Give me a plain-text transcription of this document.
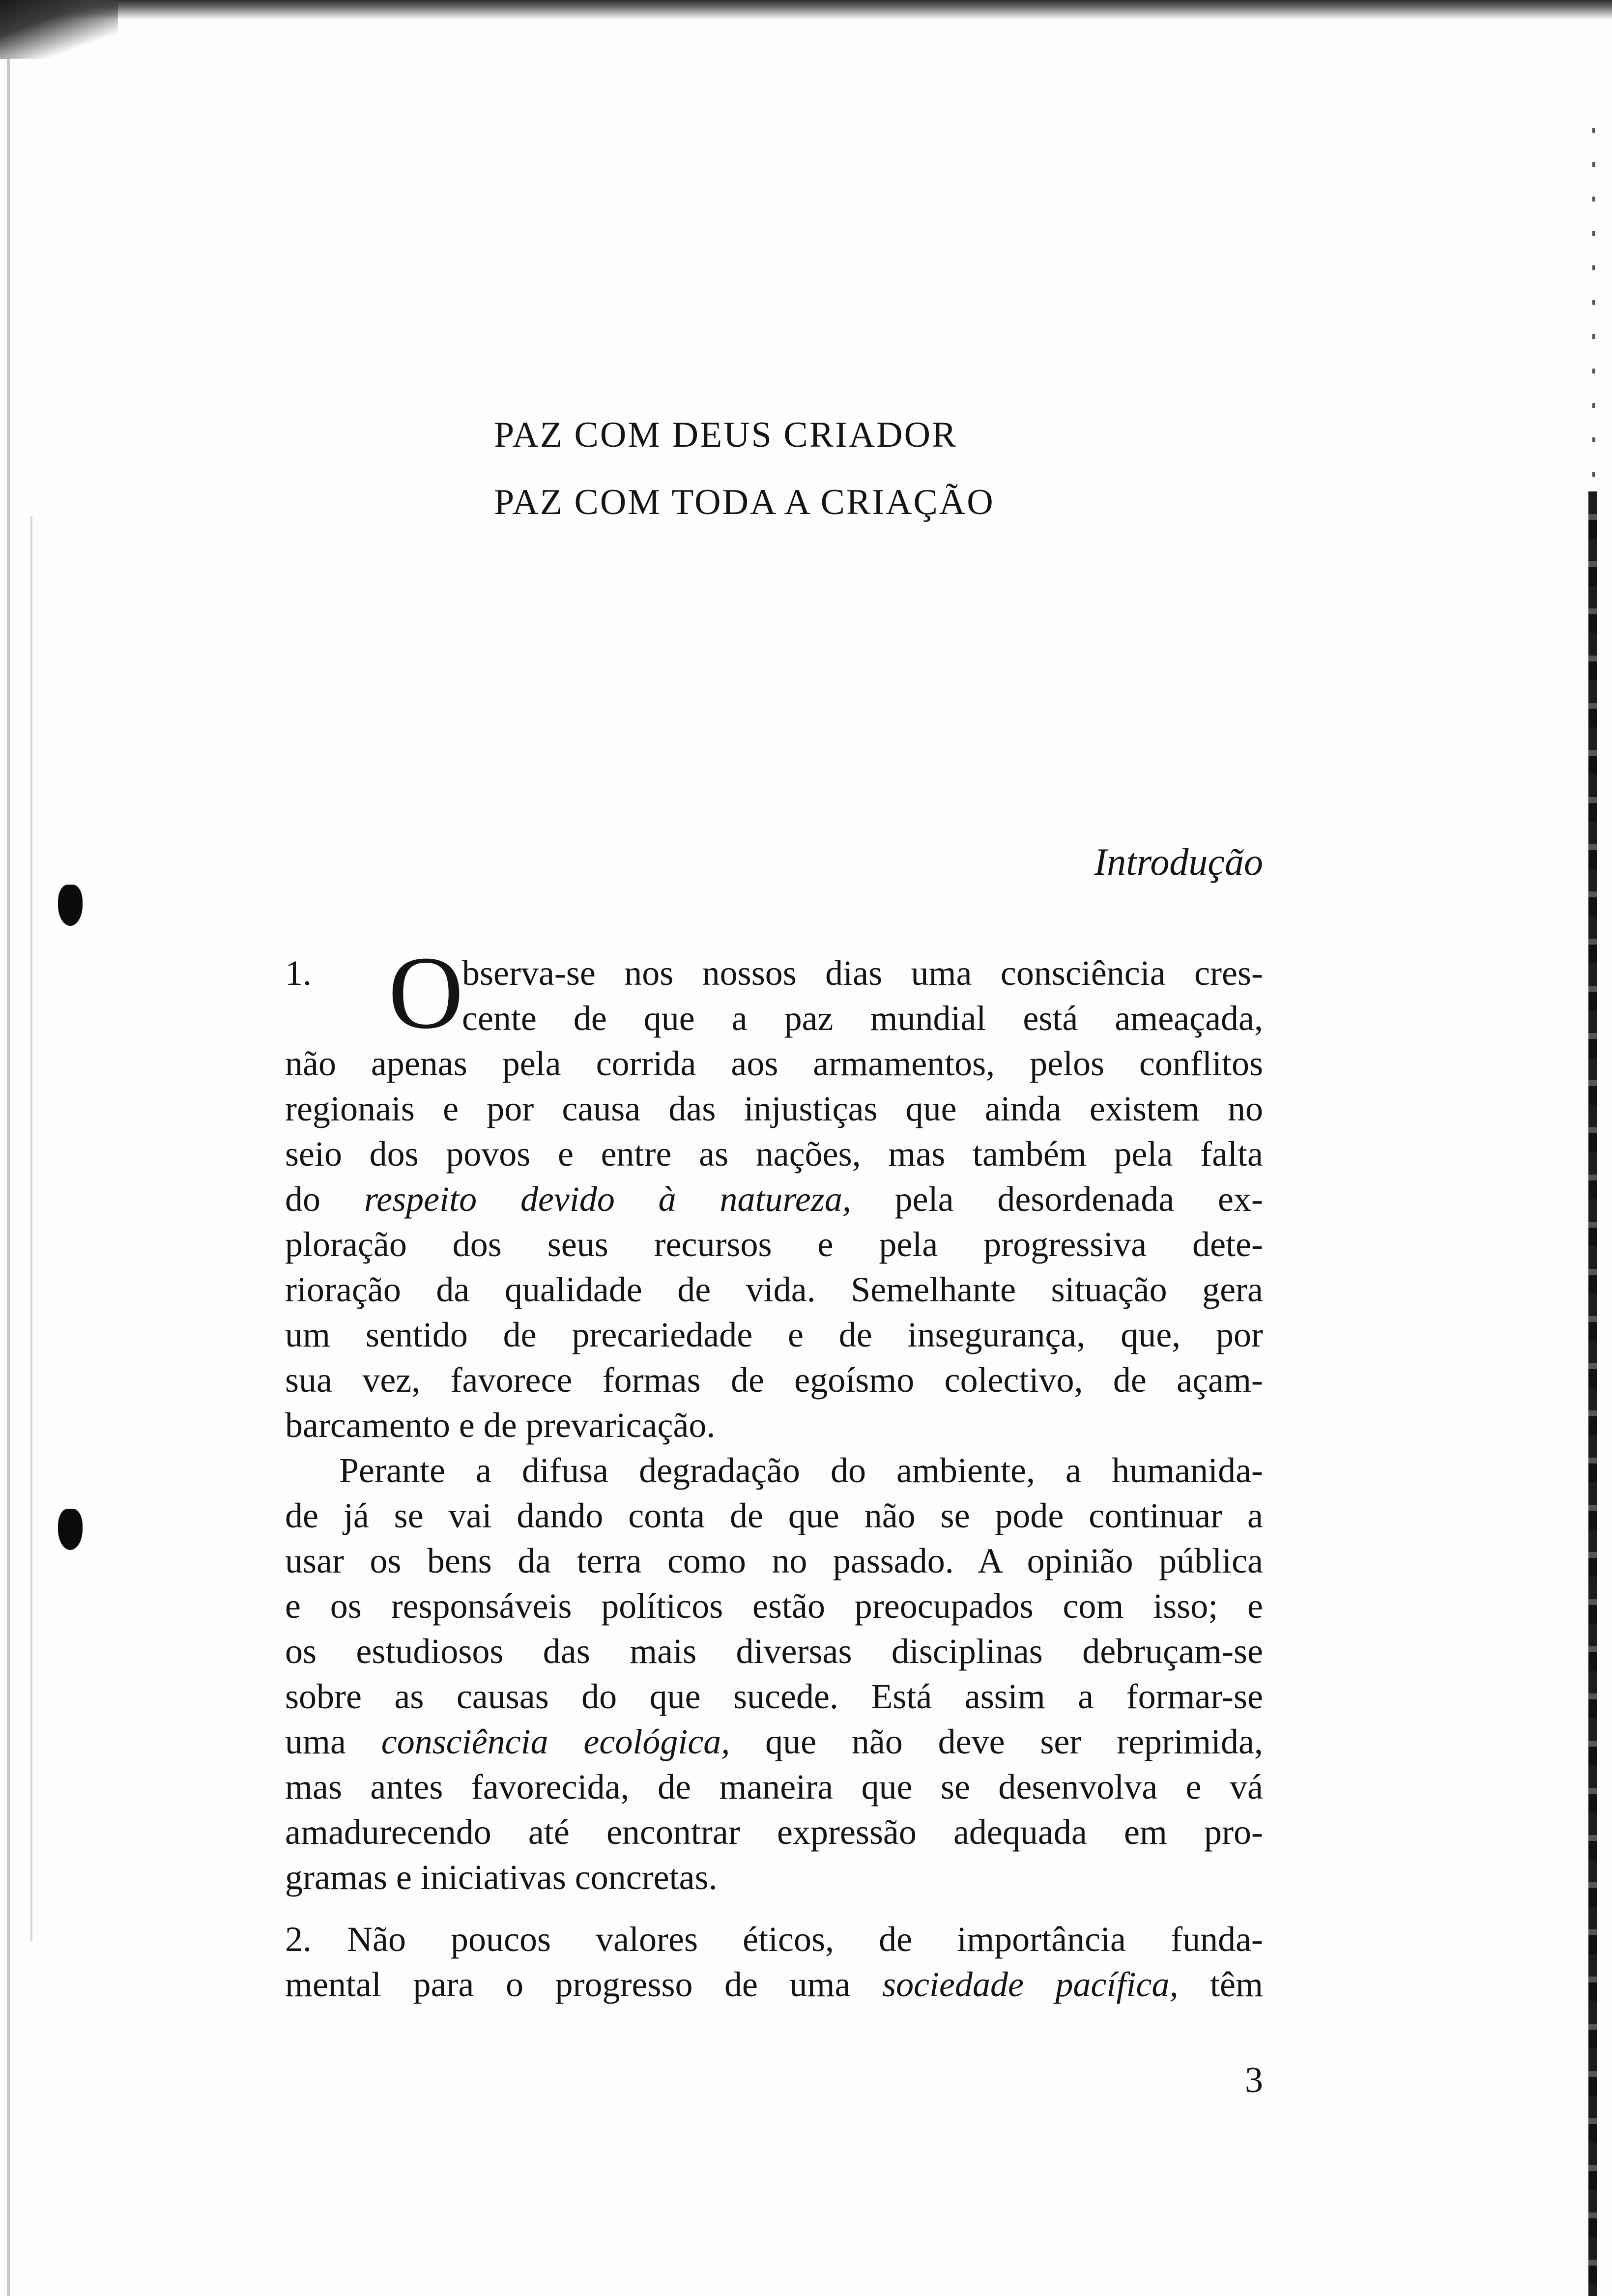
PAZ COM DEUS CRIADOR
PAZ COM TODA A CRIAÇÃO
Introdução
1. O
bserva-se nos nossos dias uma consciência cres-
cente de que a paz mundial está ameaçada,
não apenas pela corrida aos armamentos, pelos conflitos
regionais e por causa das injustiças que ainda existem no
seio dos povos e entre as nações, mas também pela falta
do respeito devido à natureza, pela desordenada ex-
ploração dos seus recursos e pela progressiva dete-
rioração da qualidade de vida. Semelhante situação gera
um sentido de precariedade e de insegurança, que, por
sua vez, favorece formas de egoísmo colectivo, de açam-
barcamento e de prevaricação.
Perante a difusa degradação do ambiente, a humanida-
de já se vai dando conta de que não se pode continuar a
usar os bens da terra como no passado. A opinião pública
e os responsáveis políticos estão preocupados com isso; e
os estudiosos das mais diversas disciplinas debruçam-se
sobre as causas do que sucede. Está assim a formar-se
uma consciência ecológica, que não deve ser reprimida,
mas antes favorecida, de maneira que se desenvolva e vá
amadurecendo até encontrar expressão adequada em pro-
gramas e iniciativas concretas.
2. Não poucos valores éticos, de importância funda-
mental para o progresso de uma sociedade pacífica, têm
3
